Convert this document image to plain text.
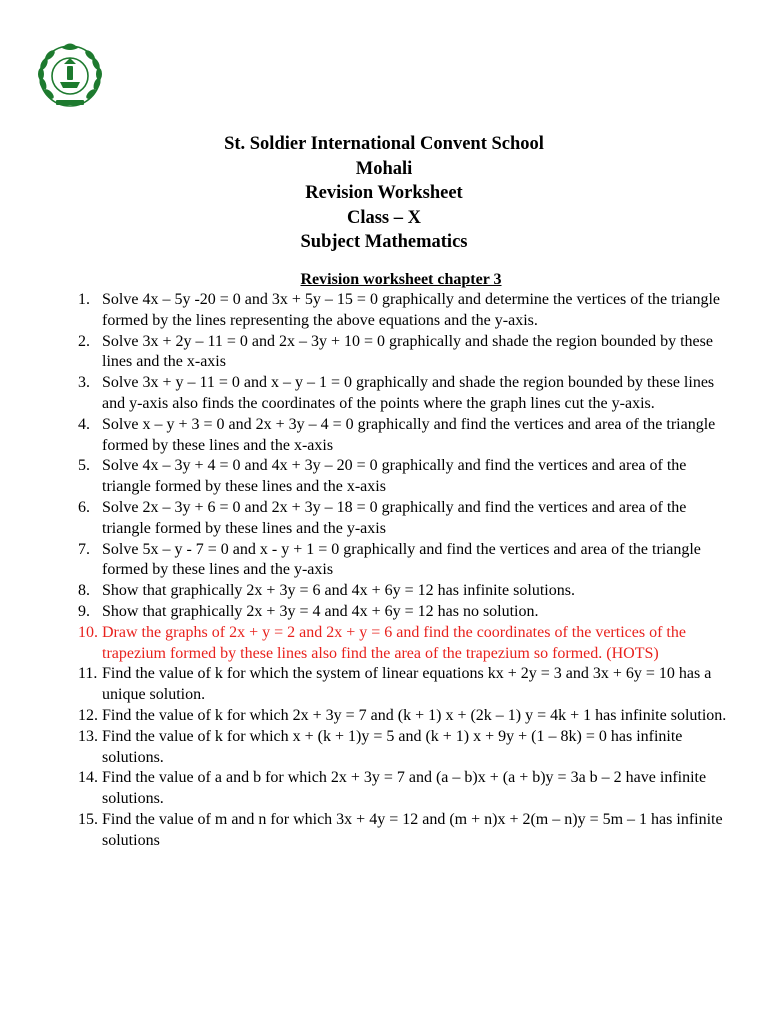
St. Soldier International Convent School
Mohali
Revision Worksheet
Class – X
Subject Mathematics
Revision worksheet chapter 3
1. Solve 4x – 5y -20 = 0 and 3x + 5y – 15 = 0 graphically and determine the vertices of the triangle formed by the lines representing the above equations and the y-axis.
2. Solve 3x + 2y – 11 = 0 and 2x – 3y + 10 = 0 graphically and shade the region bounded by these lines and the x-axis
3. Solve 3x + y – 11 = 0 and x – y – 1 = 0 graphically and shade the region bounded by these lines and y-axis also finds the coordinates of the points where the graph lines cut the y-axis.
4. Solve x – y + 3 = 0 and 2x + 3y – 4 = 0 graphically and find the vertices and area of the triangle formed by these lines and the x-axis
5. Solve 4x – 3y + 4 = 0 and 4x + 3y – 20 = 0 graphically and find the vertices and area of the triangle formed by these lines and the x-axis
6. Solve 2x – 3y + 6 = 0 and 2x + 3y – 18 = 0 graphically and find the vertices and area of the triangle formed by these lines and the y-axis
7. Solve 5x – y - 7 = 0 and x - y + 1 = 0 graphically and find the vertices and area of the triangle formed by these lines and the y-axis
8. Show that graphically 2x + 3y = 6 and 4x + 6y = 12 has infinite solutions.
9. Show that graphically 2x + 3y = 4 and 4x + 6y = 12 has no solution.
10. Draw the graphs of 2x + y = 2 and 2x + y = 6 and find the coordinates of the vertices of the trapezium formed by these lines also find the area of the trapezium so formed. (HOTS)
11. Find the value of k for which the system of linear equations kx + 2y = 3 and 3x + 6y = 10 has a unique solution.
12. Find the value of k for which 2x + 3y = 7 and (k + 1) x + (2k – 1) y = 4k + 1 has infinite solution.
13. Find the value of k for which x + (k + 1)y = 5 and (k + 1) x + 9y + (1 – 8k) = 0 has infinite solutions.
14. Find the value of a and b for which 2x + 3y = 7 and (a – b)x + (a + b)y = 3a b – 2 have infinite solutions.
15. Find the value of m and n for which 3x + 4y = 12 and (m + n)x + 2(m – n)y = 5m – 1 has infinite solutions
